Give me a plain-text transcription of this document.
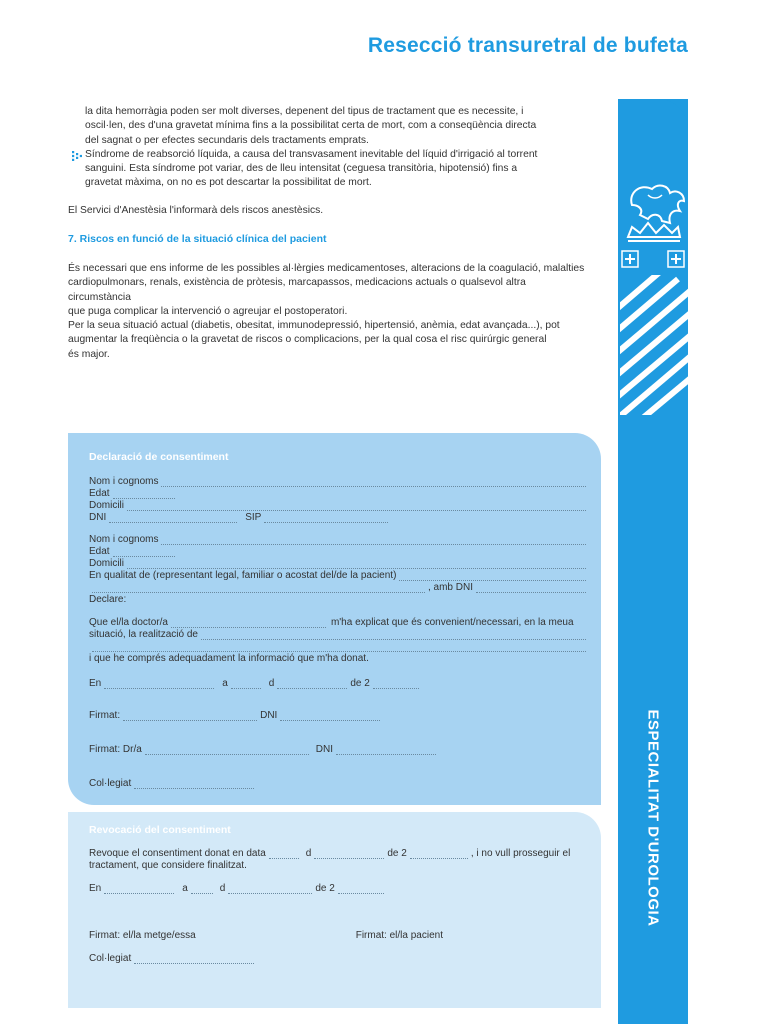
Resecció transuretral de bufeta
la dita hemorràgia poden ser molt diverses, depenent del tipus de tractament que es necessite, i
oscil·len, des d'una gravetat mínima fins a la possibilitat certa de mort, com a conseqüència directa
del sagnat o per efectes secundaris dels tractaments emprats.
Síndrome de reabsorció líquida, a causa del transvasament inevitable del líquid d'irrigació al torrent
sanguini. Esta síndrome pot variar, des de lleu intensitat (ceguesa transitòria, hipotensió) fins a
gravetat màxima, on no es pot descartar la possibilitat de mort.
El Servici d'Anestèsia l'informarà dels riscos anestèsics.
7. Riscos en funció de la situació clínica del pacient
És necessari que ens informe de les possibles al·lèrgies medicamentoses, alteracions de la coagulació, malalties
cardiopulmonars, renals, existència de pròtesis, marcapassos, medicacions actuals o qualsevol altra circumstància
que puga complicar la intervenció o agreujar el postoperatori.
Per la seua situació actual (diabetis, obesitat, immunodepressió, hipertensió, anèmia, edat avançada...), pot
augmentar la freqüència o la gravetat de riscos o complicacions, per la qual cosa el risc quirúrgic general
és major.
ESPECIALITAT D'UROLOGIA
Declaració de consentiment
Nom i cognoms
Edat
Domicili
DNI	SIP
Nom i cognoms
Edat
Domicili
En qualitat de (representant legal, familiar o acostat del/de la pacient)
, amb DNI
Declare:
Que el/la doctor/a	m'ha explicat que és convenient/necessari, en la meua
situació, la realització de
i que he comprés adequadament la informació que m'ha donat.
En	a	d	de 2
Firmat:	DNI
Firmat: Dr/a	DNI
Col·legiat
Revocació del consentiment
Revoque el consentiment donat en data	d	de 2	, i no vull prosseguir el
tractament, que considere finalitzat.
En	a	d	de 2
Firmat: el/la metge/essa	Firmat: el/la pacient
Col·legiat
